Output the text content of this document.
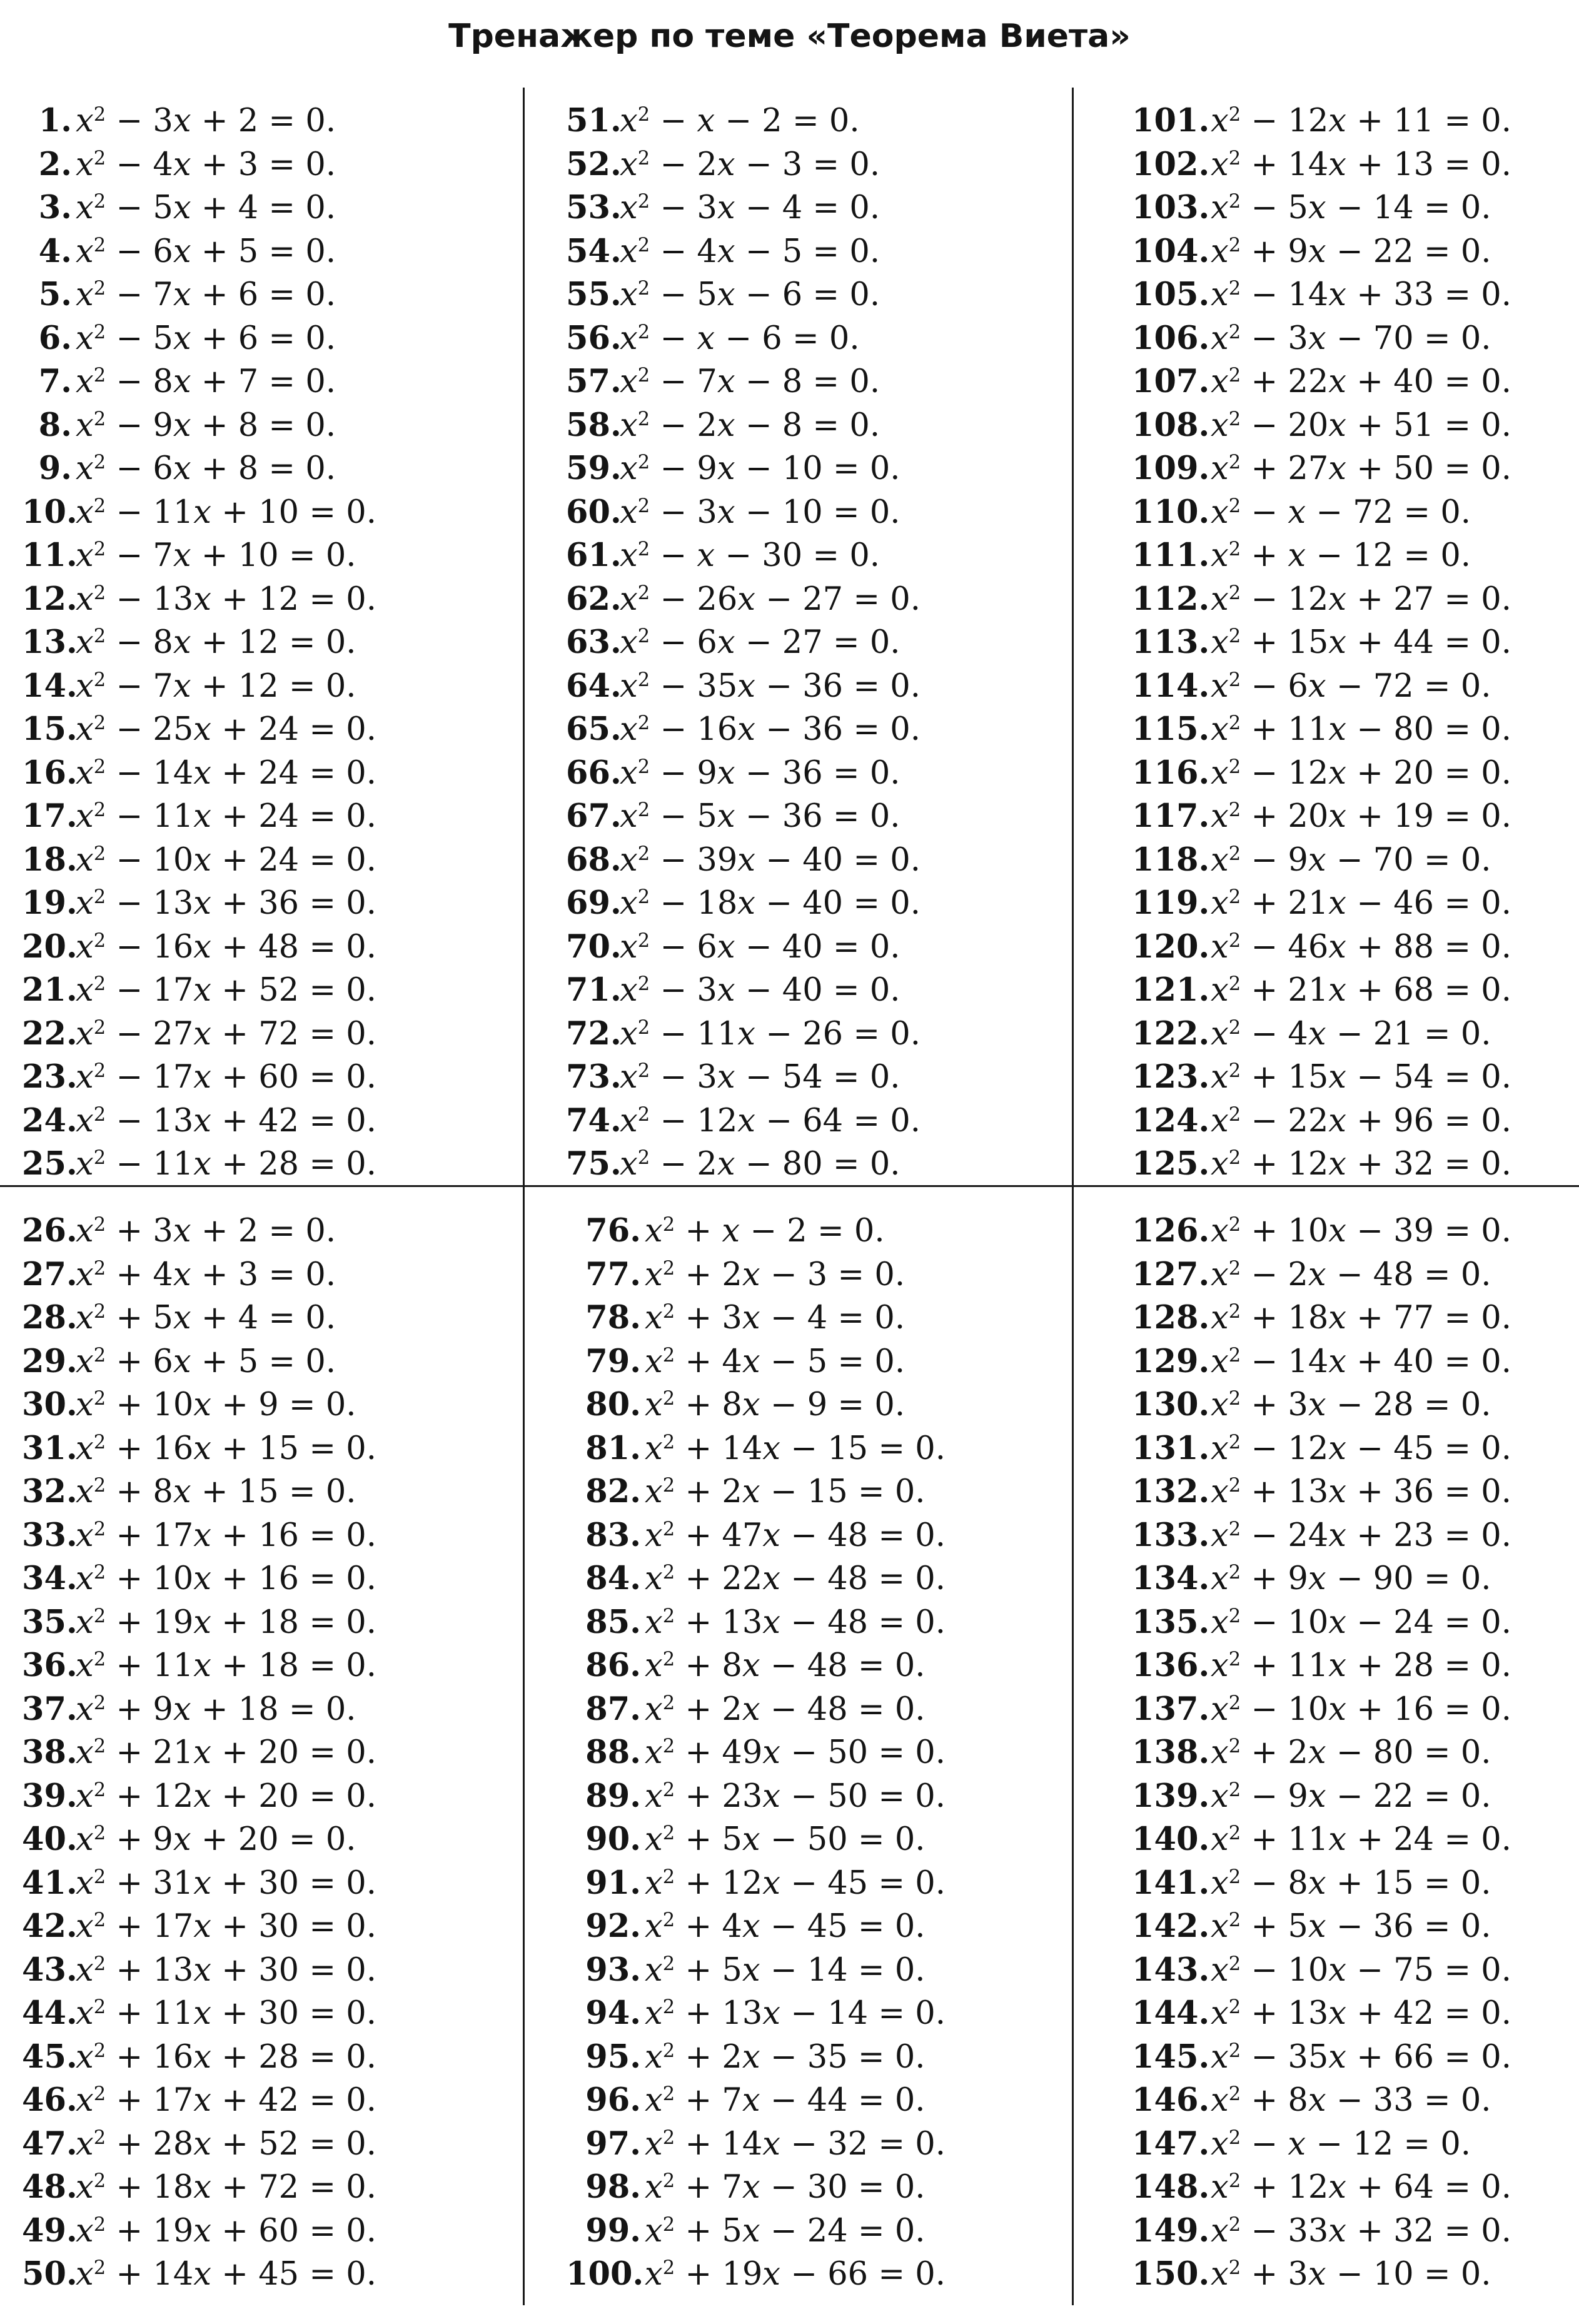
Тренажер по теме «Теорема Виета»
1. $x^2 - 3x + 2 = 0$.
2. $x^2 - 4x + 3 = 0$.
3. $x^2 - 5x + 4 = 0$.
4. $x^2 - 6x + 5 = 0$.
5. $x^2 - 7x + 6 = 0$.
6. $x^2 - 5x + 6 = 0$.
7. $x^2 - 8x + 7 = 0$.
8. $x^2 - 9x + 8 = 0$.
9. $x^2 - 6x + 8 = 0$.
$10.x^2 - 11x + 10 = 0$.
$11.x^2 - 7x + 10 = 0$.
$12.x^2 - 13x + 12 = 0$.
$13.x^2 - 8x + 12 = 0$.
$14.x^2 - 7x + 12 = 0$.
$15.x^2 - 25x + 24 = 0$.
$16.x^2 - 14x + 24 = 0$.
$17.x^2 - 11x + 24 = 0$.
$18.x^2 - 10x + 24 = 0$.
$19.x^2 - 13x + 36 = 0$.
$20.x^2 - 16x + 48 = 0$.
$21.x^2 - 17x + 52 = 0$.
$22.x^2 - 27x + 72 = 0$.
$23.x^2 - 17x + 60 = 0$.
$24.x^2 - 13x + 42 = 0$.
$25.x^2 - 11x + 28 = 0$.
$26.x^2 + 3x + 2 = 0$.
$27.x^2 + 4x + 3 = 0$.
$28.x^2 + 5x + 4 = 0$.
$29.x^2 + 6x + 5 = 0$.
$30.x^2 + 10x + 9 = 0$.
$31.x^2 + 16x + 15 = 0$.
$32.x^2 + 8x + 15 = 0$.
$33.x^2 + 17x + 16 = 0$.
$34.x^2 + 10x + 16 = 0$.
$35.x^2 + 19x + 18 = 0$.
$36.x^2 + 11x + 18 = 0$.
$37.x^2 + 9x + 18 = 0$.
$38.x^2 + 21x + 20 = 0$.
$39.x^2 + 12x + 20 = 0$.
$40.x^2 + 9x + 20 = 0$.
$41.x^2 + 31x + 30 = 0$.
$42.x^2 + 17x + 30 = 0$.
$43.x^2 + 13x + 30 = 0$.
$44.x^2 + 11x + 30 = 0$.
$45.x^2 + 16x + 28 = 0$.
$46.x^2 + 17x + 42 = 0$.
$47.x^2 + 28x + 52 = 0$.
$48.x^2 + 18x + 72 = 0$.
$49.x^2 + 19x + 60 = 0$.
$50.x^2 + 14x + 45 = 0$.
$51.x^2 - x - 2 = 0$.
$52.x^2 - 2x - 3 = 0$.
$53.x^2 - 3x - 4 = 0$.
$54.x^2 - 4x - 5 = 0$.
$55.x^2 - 5x - 6 = 0$.
$56.x^2 - x - 6 = 0$.
$57.x^2 - 7x - 8 = 0$.
$58.x^2 - 2x - 8 = 0$.
$59.x^2 - 9x - 10 = 0$.
$60.x^2 - 3x - 10 = 0$.
$61.x^2 - x - 30 = 0$.
$62.x^2 - 26x - 27 = 0$.
$63.x^2 - 6x - 27 = 0$.
$64.x^2 - 35x - 36 = 0$.
$65.x^2 - 16x - 36 = 0$.
$66.x^2 - 9x - 36 = 0$.
$67.x^2 - 5x - 36 = 0$.
$68.x^2 - 39x - 40 = 0$.
$69.x^2 - 18x - 40 = 0$.
$70.x^2 - 6x - 40 = 0$.
$71.x^2 - 3x - 40 = 0$.
$72.x^2 - 11x - 26 = 0$.
$73.x^2 - 3x - 54 = 0$.
$74.x^2 - 12x - 64 = 0$.
$75.x^2 - 2x - 80 = 0$.
76. $x^2 + x - 2 = 0$.
77. $x^2 + 2x - 3 = 0$.
78. $x^2 + 3x - 4 = 0$.
79. $x^2 + 4x - 5 = 0$.
80. $x^2 + 8x - 9 = 0$.
81. $x^2 + 14x - 15 = 0$.
82. $x^2 + 2x - 15 = 0$.
83. $x^2 + 47x - 48 = 0$.
84. $x^2 + 22x - 48 = 0$.
85. $x^2 + 13x - 48 = 0$.
86. $x^2 + 8x - 48 = 0$.
87. $x^2 + 2x - 48 = 0$.
88. $x^2 + 49x - 50 = 0$.
89. $x^2 + 23x - 50 = 0$.
90. $x^2 + 5x - 50 = 0$.
91. $x^2 + 12x - 45 = 0$.
92. $x^2 + 4x - 45 = 0$.
93. $x^2 + 5x - 14 = 0$.
94. $x^2 + 13x - 14 = 0$.
95. $x^2 + 2x - 35 = 0$.
96. $x^2 + 7x - 44 = 0$.
97. $x^2 + 14x - 32 = 0$.
98. $x^2 + 7x - 30 = 0$.
99. $x^2 + 5x - 24 = 0$.
$100.x^2 + 19x - 66 = 0$.
$101.x^2 - 12x + 11 = 0$.
$102.x^2 + 14x + 13 = 0$.
$103.x^2 - 5x - 14 = 0$.
$104.x^2 + 9x - 22 = 0$.
$105.x^2 - 14x + 33 = 0$.
$106.x^2 - 3x - 70 = 0$.
$107.x^2 + 22x + 40 = 0$.
$108.x^2 - 20x + 51 = 0$.
$109.x^2 + 27x + 50 = 0$.
$110.x^2 - x - 72 = 0$.
$111.x^2 + x - 12 = 0$.
$112.x^2 - 12x + 27 = 0$.
$113.x^2 + 15x + 44 = 0$.
$114.x^2 - 6x - 72 = 0$.
$115.x^2 + 11x - 80 = 0$.
$116.x^2 - 12x + 20 = 0$.
$117.x^2 + 20x + 19 = 0$.
$118.x^2 - 9x - 70 = 0$.
$119.x^2 + 21x - 46 = 0$.
$120.x^2 - 46x + 88 = 0$.
$121.x^2 + 21x + 68 = 0$.
$122.x^2 - 4x - 21 = 0$.
$123.x^2 + 15x - 54 = 0$.
$124.x^2 - 22x + 96 = 0$.
$125.x^2 + 12x + 32 = 0$.
$126.x^2 + 10x - 39 = 0$.
$127.x^2 - 2x - 48 = 0$.
$128.x^2 + 18x + 77 = 0$.
$129.x^2 - 14x + 40 = 0$.
$130.x^2 + 3x - 28 = 0$.
$131.x^2 - 12x - 45 = 0$.
$132.x^2 + 13x + 36 = 0$.
$133.x^2 - 24x + 23 = 0$.
$134.x^2 + 9x - 90 = 0$.
$135.x^2 - 10x - 24 = 0$.
$136.x^2 + 11x + 28 = 0$.
$137.x^2 - 10x + 16 = 0$.
$138.x^2 + 2x - 80 = 0$.
$139.x^2 - 9x - 22 = 0$.
$140.x^2 + 11x + 24 = 0$.
$141.x^2 - 8x + 15 = 0$.
$142.x^2 + 5x - 36 = 0$.
$143.x^2 - 10x - 75 = 0$.
$144.x^2 + 13x + 42 = 0$.
$145.x^2 - 35x + 66 = 0$.
$146.x^2 + 8x - 33 = 0$.
$147.x^2 - x - 12 = 0$.
$148.x^2 + 12x + 64 = 0$.
$149.x^2 - 33x + 32 = 0$.
$150.x^2 + 3x - 10 = 0$.
